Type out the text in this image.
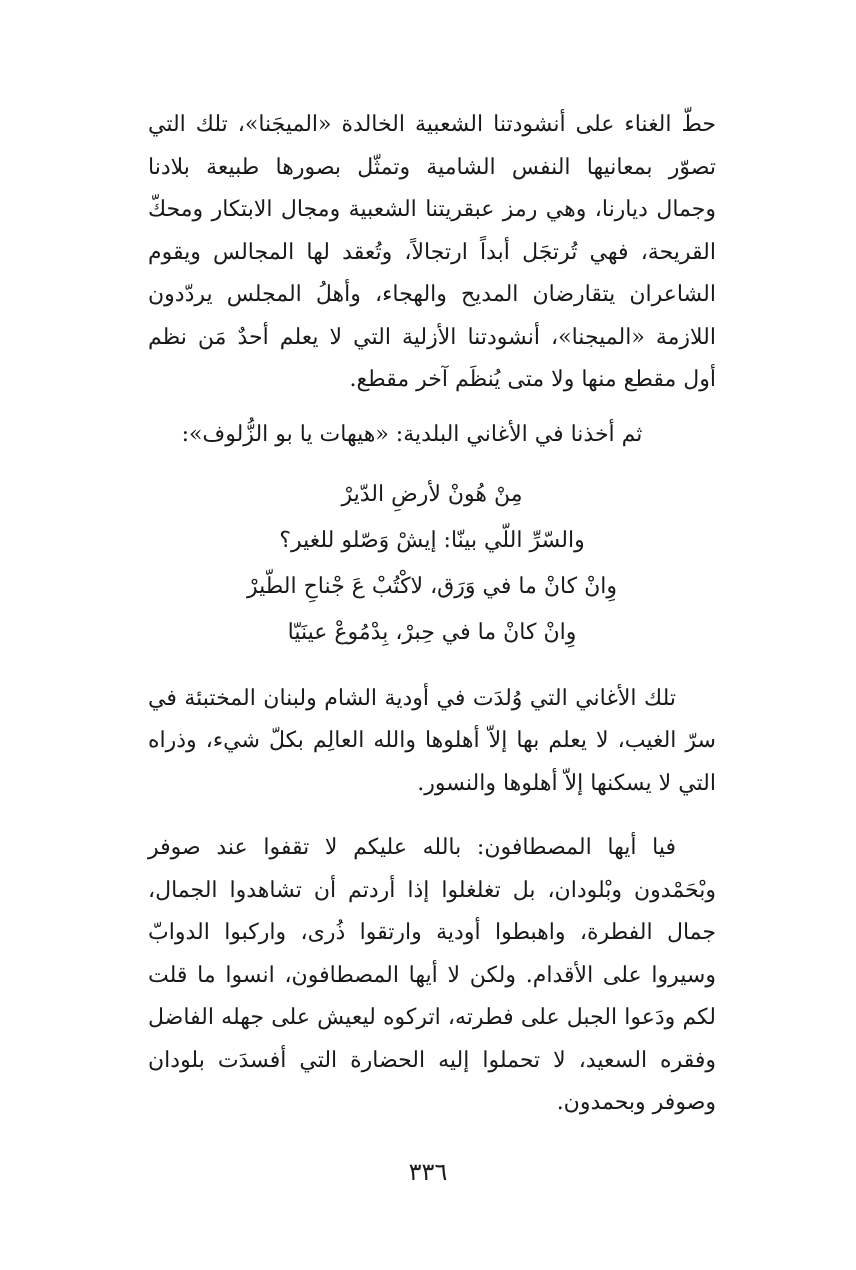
حطّ الغناء على أنشودتنا الشعبية الخالدة «الميجَنا»، تلك التي تصوّر بمعانيها النفس الشامية وتمثّل بصورها طبيعة بلادنا وجمال ديارنا، وهي رمز عبقريتنا الشعبية ومجال الابتكار ومحكّ القريحة، فهي تُرتجَل أبداً ارتجالاً، وتُعقد لها المجالس ويقوم الشاعران يتقارضان المديح والهجاء، وأهلُ المجلس يردّدون اللازمة «الميجنا»، أنشودتنا الأزلية التي لا يعلم أحدٌ مَن نظم أول مقطع منها ولا متى يُنظَم آخر مقطع.

ثم أخذنا في الأغاني البلدية: «هيهات يا بو الزُّلوف»:
مِنْ هُونْ لأرضِ الدّيرْ
والسّرِّ اللّي بينّا: إيشْ وَصّلو للغير؟
وِانْ كانْ ما في وَرَق، لاكْتُبْ عَ جْناحِ الطّيرْ
وِانْ كانْ ما في حِبرْ، بِدْمُوعْ عينَيّا

تلك الأغاني التي وُلدَت في أودية الشام ولبنان المختبئة في سرّ الغيب، لا يعلم بها إلاّ أهلوها والله العالِم بكلّ شيء، وذراه التي لا يسكنها إلاّ أهلوها والنسور.

فيا أيها المصطافون: بالله عليكم لا تقفوا عند صوفر وبْحَمْدون وبْلودان، بل تغلغلوا إذا أردتم أن تشاهدوا الجمال، جمال الفطرة، واهبطوا أودية وارتقوا ذُرى، واركبوا الدوابّ وسيروا على الأقدام. ولكن لا أيها المصطافون، انسوا ما قلت لكم ودَعوا الجبل على فطرته، اتركوه ليعيش على جهله الفاضل وفقره السعيد، لا تحملوا إليه الحضارة التي أفسدَت بلودان وصوفر وبحمدون.

٣٣٦
